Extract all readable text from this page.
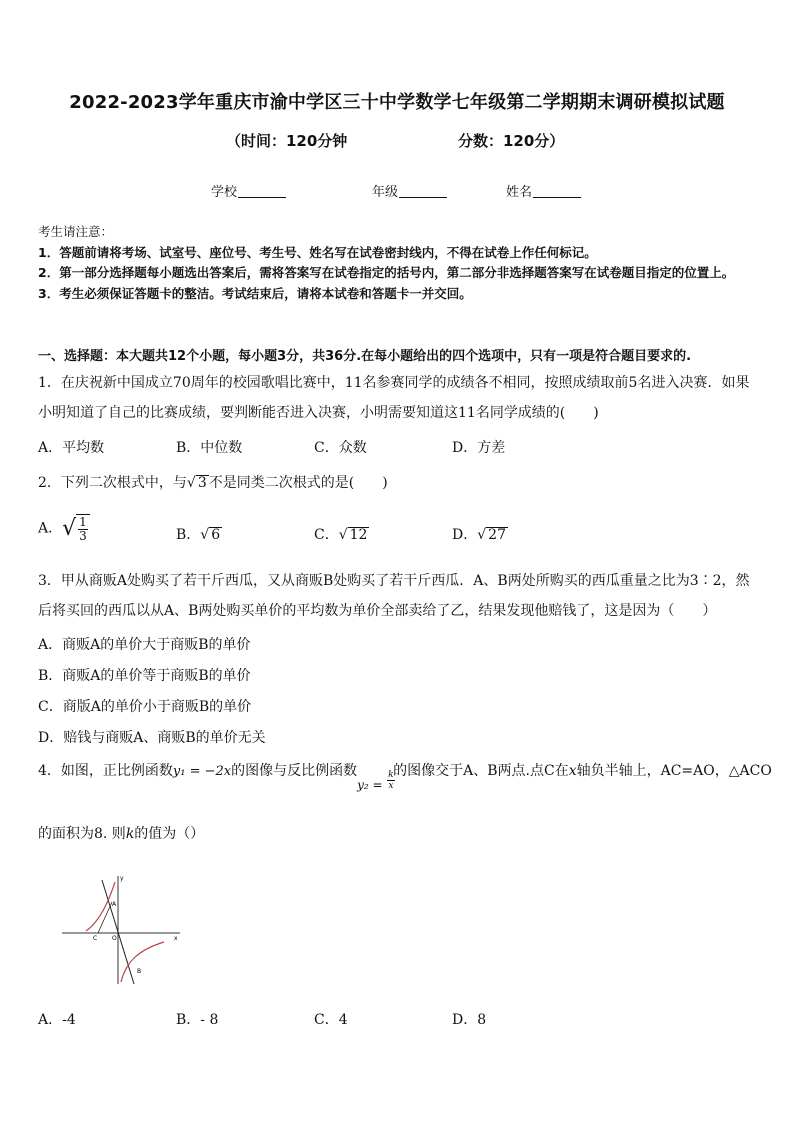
2022-2023学年重庆市渝中学区三十中学数学七年级第二学期期末调研模拟试题
（时间：120分钟	分数：120分）
学校	年级	姓名

考生请注意：

1．答题前请将考场、试室号、座位号、考生号、姓名写在试卷密封线内，不得在试卷上作任何标记。

2．第一部分选择题每小题选出答案后，需将答案写在试卷指定的括号内，第二部分非选择题答案写在试卷题目指定的位置上。

3．考生必须保证答题卡的整洁。考试结束后，请将本试卷和答题卡一并交回。

一、选择题：本大题共12个小题，每小题3分，共36分.在每小题给出的四个选项中，只有一项是符合题目要求的.
1．在庆祝新中国成立70周年的校园歌唱比赛中，11名参赛同学的成绩各不相同，按照成绩取前5名进入决赛．如果小明知道了自己的比赛成绩，要判断能否进入决赛，小明需要知道这11名同学成绩的(　　)
A．平均数	B．中位数	C．众数	D．方差
2．下列二次根式中，与√ 3 不是同类二次根式的是(　　)
A．√ $\frac{1}{3}$	B．√ 6	C．√ 12	D．√ 27
3．甲从商贩A处购买了若干斤西瓜，又从商贩B处购买了若干斤西瓜．A、B两处所购买的西瓜重量之比为3∶2，然后将买回的西瓜以从A、B两处购买单价的平均数为单价全部卖给了乙，结果发现他赔钱了，这是因为（　　）
A．商贩A的单价大于商贩B的单价
B．商贩A的单价等于商贩B的单价
C．商版A的单价小于商贩B的单价
D．赔钱与商贩A、商贩B的单价无关
4．如图，正比例函数y₁ = −2x的图像与反比例函数
$y_2 = \frac{k}{x}$
的图像交于A、B两点.点C在x轴负半轴上，AC=AO，△ACO
的面积为8. 则k的值为（）
A
B
C O	x
y
A．-4	B．- 8	C．4	D．8
